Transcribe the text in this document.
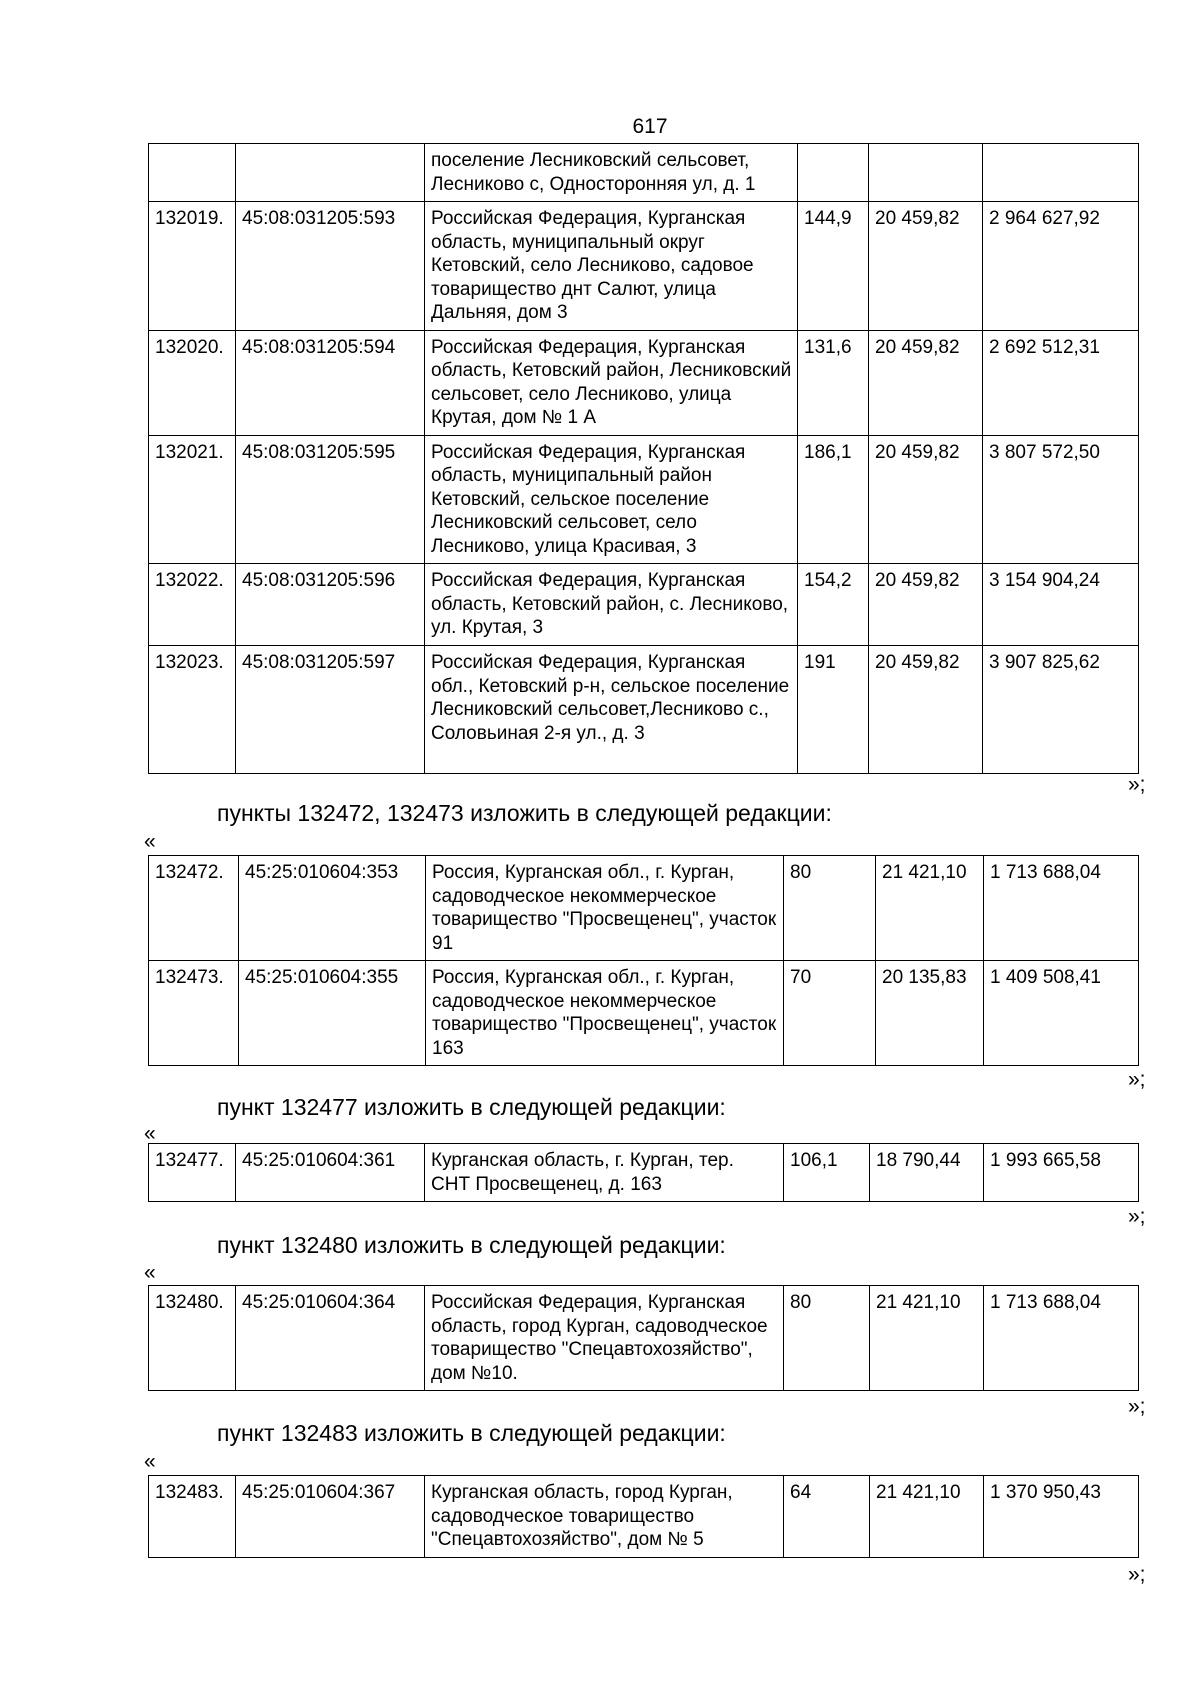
617
		поселение Лесниковский сельсовет, Лесниково с, Односторонняя ул, д. 1			
132019.	45:08:031205:593	Российская Федерация, Курганская область, муниципальный округ Кетовский, село Лесниково, садовое товарищество днт Салют, улица Дальняя, дом 3	144,9	20 459,82	2 964 627,92
132020.	45:08:031205:594	Российская Федерация, Курганская область, Кетовский район, Лесниковский сельсовет, село Лесниково, улица Крутая, дом № 1 А	131,6	20 459,82	2 692 512,31
132021.	45:08:031205:595	Российская Федерация, Курганская область, муниципальный район Кетовский, сельское поселение Лесниковский сельсовет, село Лесниково, улица Красивая, 3	186,1	20 459,82	3 807 572,50
132022.	45:08:031205:596	Российская Федерация, Курганская область, Кетовский район, с. Лесниково, ул. Крутая, 3	154,2	20 459,82	3 154 904,24
132023.	45:08:031205:597	Российская Федерация, Курганская обл., Кетовский р-н, сельское поселение Лесниковский сельсовет,Лесниково с., Соловьиная 2-я ул., д. 3	191	20 459,82	3 907 825,62
»;
пункты 132472, 132473 изложить в следующей редакции:
«
132472.	45:25:010604:353	Россия, Курганская обл., г. Курган, садоводческое некоммерческое товарищество "Просвещенец", участок 91	80	21 421,10	1 713 688,04
132473.	45:25:010604:355	Россия, Курганская обл., г. Курган, садоводческое некоммерческое товарищество "Просвещенец", участок 163	70	20 135,83	1 409 508,41
»;
пункт 132477 изложить в следующей редакции:
«
132477.	45:25:010604:361	Курганская область, г. Курган, тер. СНТ Просвещенец, д. 163	106,1	18 790,44	1 993 665,58
»;
пункт 132480 изложить в следующей редакции:
«
132480.	45:25:010604:364	Российская Федерация, Курганская область, город Курган, садоводческое товарищество "Спецавтохозяйство", дом №10.	80	21 421,10	1 713 688,04
»;
пункт 132483 изложить в следующей редакции:
«
132483.	45:25:010604:367	Курганская область, город Курган, садоводческое товарищество "Спецавтохозяйство", дом № 5	64	21 421,10	1 370 950,43
»;
